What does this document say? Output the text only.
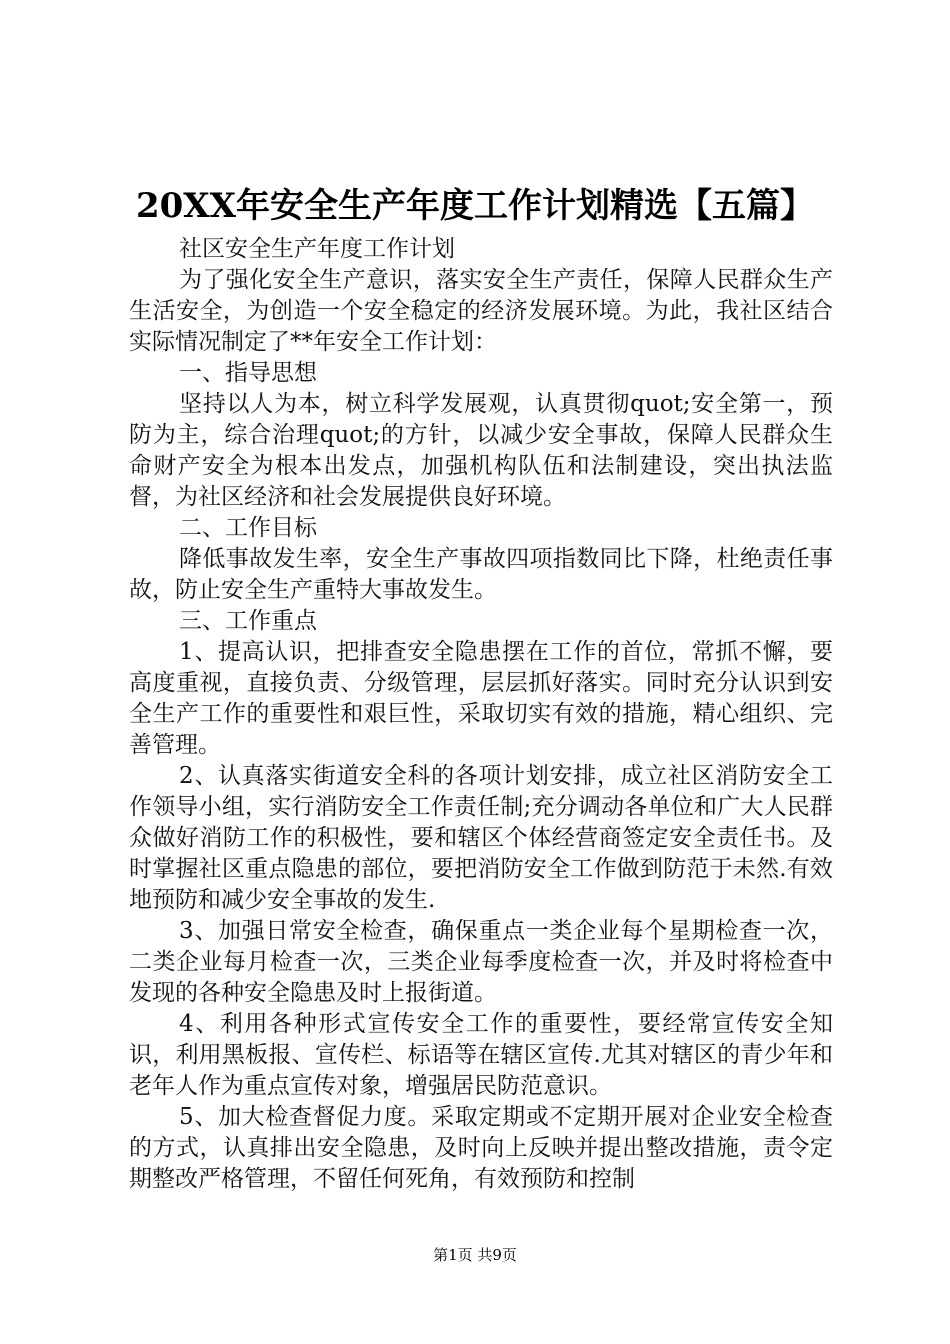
20XX年安全生产年度工作计划精选【五篇】

社区安全生产年度工作计划

为了强化安全生产意识，落实安全生产责任，保障人民群众生产生活安全，为创造一个安全稳定的经济发展环境。为此，我社区结合实际情况制定了**年安全工作计划：

一、指导思想

坚持以人为本，树立科学发展观，认真贯彻quot;安全第一，预防为主，综合治理quot;的方针，以减少安全事故，保障人民群众生命财产安全为根本出发点，加强机构队伍和法制建设，突出执法监督，为社区经济和社会发展提供良好环境。

二、工作目标

降低事故发生率，安全生产事故四项指数同比下降，杜绝责任事故，防止安全生产重特大事故发生。

三、工作重点

1、提高认识，把排查安全隐患摆在工作的首位，常抓不懈，要高度重视，直接负责、分级管理，层层抓好落实。同时充分认识到安全生产工作的重要性和艰巨性，采取切实有效的措施，精心组织、完善管理。

2、认真落实街道安全科的各项计划安排，成立社区消防安全工作领导小组，实行消防安全工作责任制;充分调动各单位和广大人民群众做好消防工作的积极性，要和辖区个体经营商签定安全责任书。及时掌握社区重点隐患的部位，要把消防安全工作做到防范于未然.有效地预防和减少安全事故的发生.

3、加强日常安全检查，确保重点一类企业每个星期检查一次，二类企业每月检查一次，三类企业每季度检查一次，并及时将检查中发现的各种安全隐患及时上报街道。

4、利用各种形式宣传安全工作的重要性，要经常宣传安全知识，利用黑板报、宣传栏、标语等在辖区宣传.尤其对辖区的青少年和老年人作为重点宣传对象，增强居民防范意识。

5、加大检查督促力度。采取定期或不定期开展对企业安全检查的方式，认真排出安全隐患，及时向上反映并提出整改措施，责令定期整改严格管理，不留任何死角，有效预防和控制

第1页 共9页
